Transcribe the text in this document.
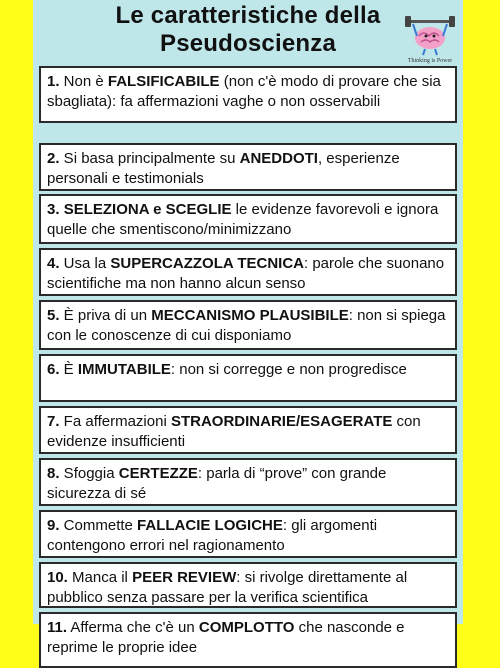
Le caratteristiche della
Pseudoscienza
Thinking is Power
1. Non è FALSIFICABILE (non c'è modo di provare che sia sbagliata): fa affermazioni vaghe o non osservabili
2. Si basa principalmente su ANEDDOTI, esperienze personali e testimonials
3. SELEZIONA e SCEGLIE le evidenze favorevoli e ignora quelle che smentiscono/minimizzano
4. Usa la SUPERCAZZOLA TECNICA: parole che suonano scientifiche ma non hanno alcun senso
5. È priva di un MECCANISMO PLAUSIBILE: non si spiega con le conoscenze di cui disponiamo
6. È IMMUTABILE: non si corregge e non progredisce
7. Fa affermazioni STRAORDINARIE/ESAGERATE con evidenze insufficienti
8. Sfoggia CERTEZZE: parla di “prove” con grande sicurezza di sé
9. Commette FALLACIE LOGICHE: gli argomenti contengono errori nel ragionamento
10. Manca il PEER REVIEW: si rivolge direttamente al pubblico senza passare per la verifica scientifica
11. Afferma che c'è un COMPLOTTO che nasconde e reprime le proprie idee
